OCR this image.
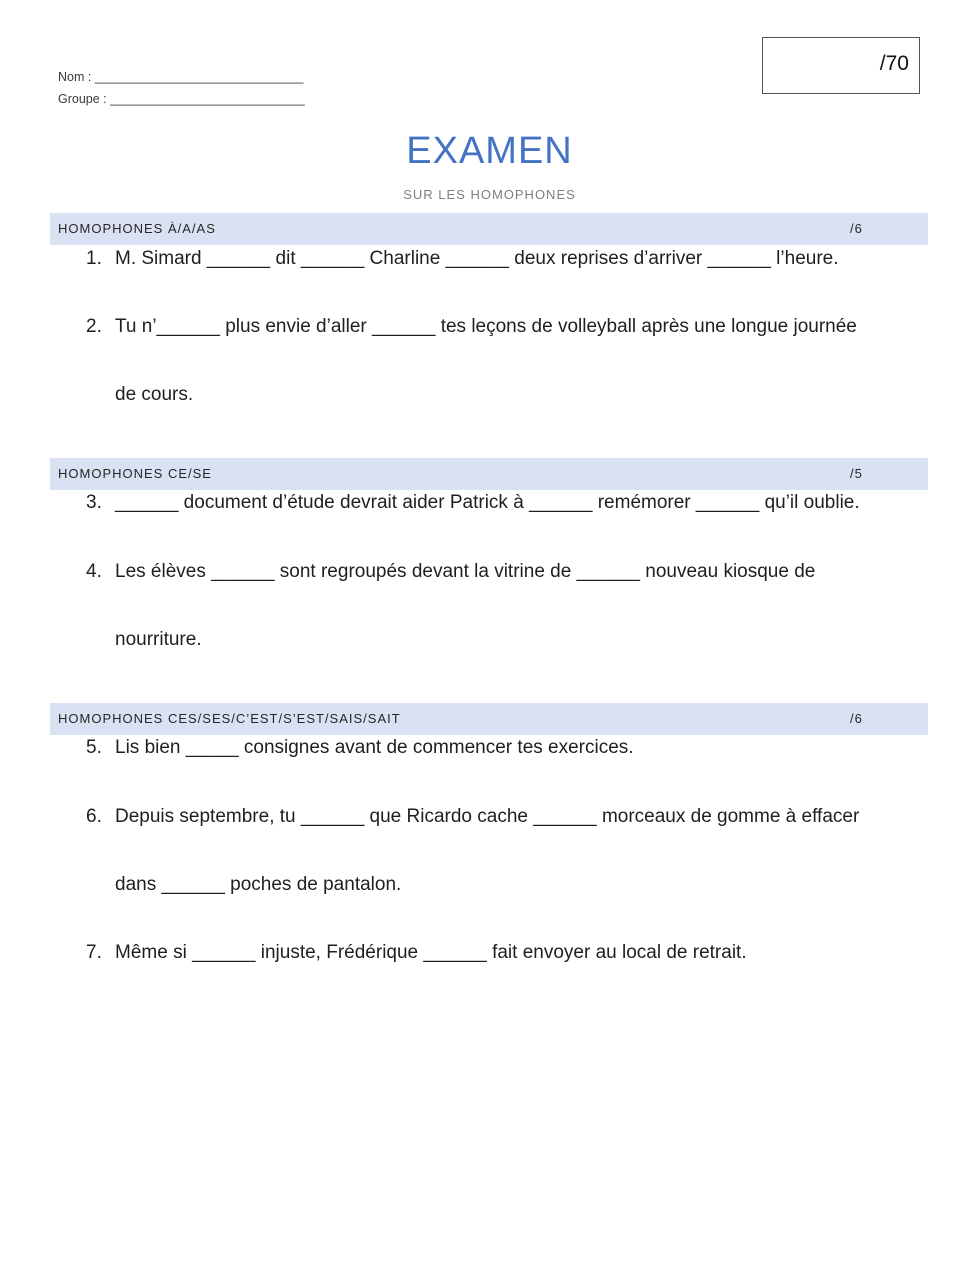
Nom : ______________________________
Groupe : ____________________________
/70
EXAMEN
SUR LES HOMOPHONES
HOMOPHONES À/A/AS	/6
1. M. Simard ______ dit ______ Charline ______ deux reprises d’arriver ______ l’heure.
2. Tu n’______ plus envie d’aller ______ tes leçons de volleyball après une longue journée
de cours.
HOMOPHONES CE/SE	/5
3. ______ document d’étude devrait aider Patrick à ______ remémorer ______ qu’il oublie.
4. Les élèves ______ sont regroupés devant la vitrine de ______ nouveau kiosque de
nourriture.
HOMOPHONES CES/SES/C’EST/S’EST/SAIS/SAIT	/6
5. Lis bien _____ consignes avant de commencer tes exercices.
6. Depuis septembre, tu ______ que Ricardo cache ______ morceaux de gomme à effacer
dans ______ poches de pantalon.
7. Même si ______ injuste, Frédérique ______ fait envoyer au local de retrait.
